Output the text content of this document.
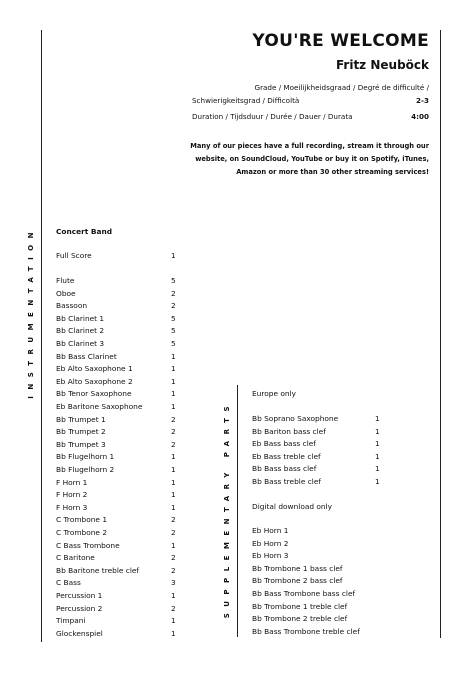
INSTRUMENTATION
SUPPLEMENTARY PARTS
YOU'RE WELCOME
Fritz Neuböck
Grade / Moeilijkheidsgraad / Degré de difficulté /
Schwierigkeitsgrad / Difficoltà	2-3
Duration / Tijdsduur / Durée / Dauer / Durata	4:00
Many of our pieces have a full recording, stream it through our website, on SoundCloud, YouTube or buy it on Spotify, iTunes, Amazon or more than 30 other streaming services!
Concert Band
Full Score	1
Flute	5
Oboe	2
Bassoon	2
Bb Clarinet 1	5
Bb Clarinet 2	5
Bb Clarinet 3	5
Bb Bass Clarinet	1
Eb Alto Saxophone 1	1
Eb Alto Saxophone 2	1
Bb Tenor Saxophone	1
Eb Baritone Saxophone	1
Bb Trumpet 1	2
Bb Trumpet 2	2
Bb Trumpet 3	2
Bb Flugelhorn 1	1
Bb Flugelhorn 2	1
F Horn 1	1
F Horn 2	1
F Horn 3	1
C Trombone 1	2
C Trombone 2	2
C Bass Trombone	1
C Baritone	2
Bb Baritone treble clef	2
C Bass	3
Percussion 1	1
Percussion 2	2
Timpani	1
Glockenspiel	1
Europe only
Bb Soprano Saxophone	1
Bb Bariton bass clef	1
Eb Bass bass clef	1
Eb Bass treble clef	1
Bb Bass bass clef	1
Bb Bass treble clef	1
Digital download only
Eb Horn 1
Eb Horn 2
Eb Horn 3
Bb Trombone 1 bass clef
Bb Trombone 2 bass clef
Bb Bass Trombone bass clef
Bb Trombone 1 treble clef
Bb Trombone 2 treble clef
Bb Bass Trombone treble clef
